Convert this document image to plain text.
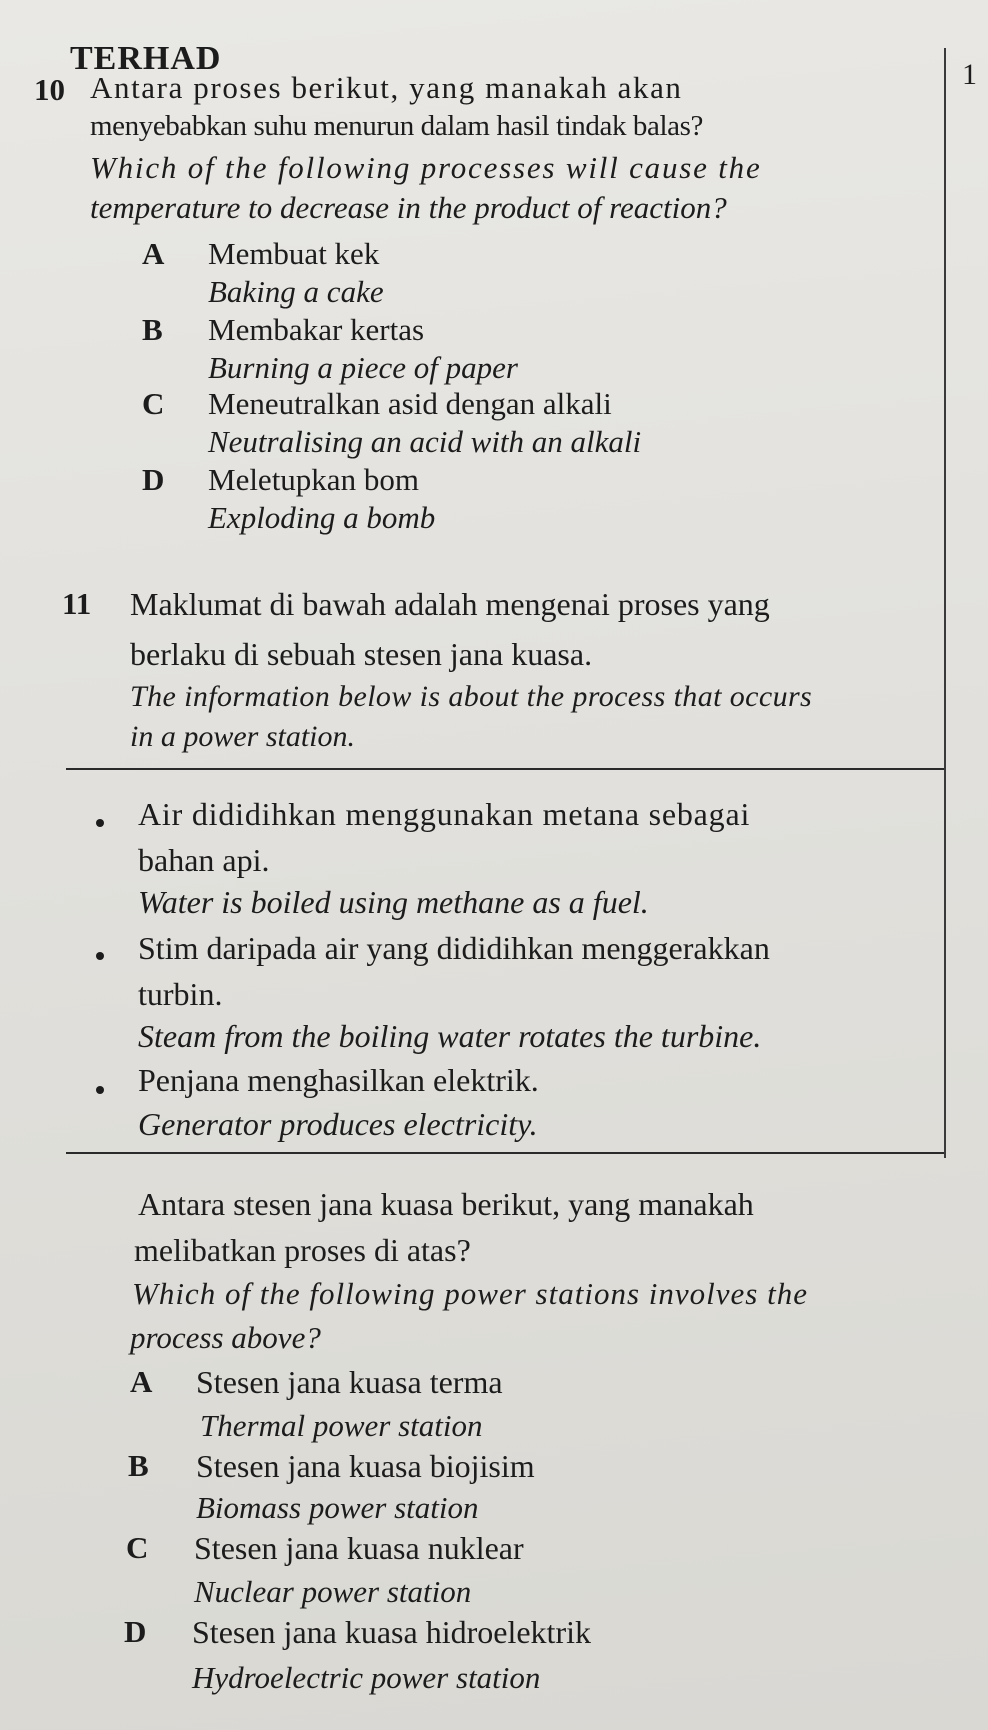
1
TERHAD
10 Antara proses berikut, yang manakah akan
menyebabkan suhu menurun dalam hasil tindak balas?
Which of the following processes will cause the
temperature to decrease in the product of reaction?
A Membuat kek
Baking a cake
B Membakar kertas
Burning a piece of paper
C Meneutralkan asid dengan alkali
Neutralising an acid with an alkali
D Meletupkan bom
Exploding a bomb
11 Maklumat di bawah adalah mengenai proses yang
berlaku di sebuah stesen jana kuasa.
The information below is about the process that occurs
in a power station.
Air dididihkan menggunakan metana sebagai
bahan api.
Water is boiled using methane as a fuel.
Stim daripada air yang dididihkan menggerakkan
turbin.
Steam from the boiling water rotates the turbine.
Penjana menghasilkan elektrik.
Generator produces electricity.
Antara stesen jana kuasa berikut, yang manakah
melibatkan proses di atas?
Which of the following power stations involves the
process above?
A Stesen jana kuasa terma
Thermal power station
B Stesen jana kuasa biojisim
Biomass power station
C Stesen jana kuasa nuklear
Nuclear power station
D Stesen jana kuasa hidroelektrik
Hydroelectric power station
